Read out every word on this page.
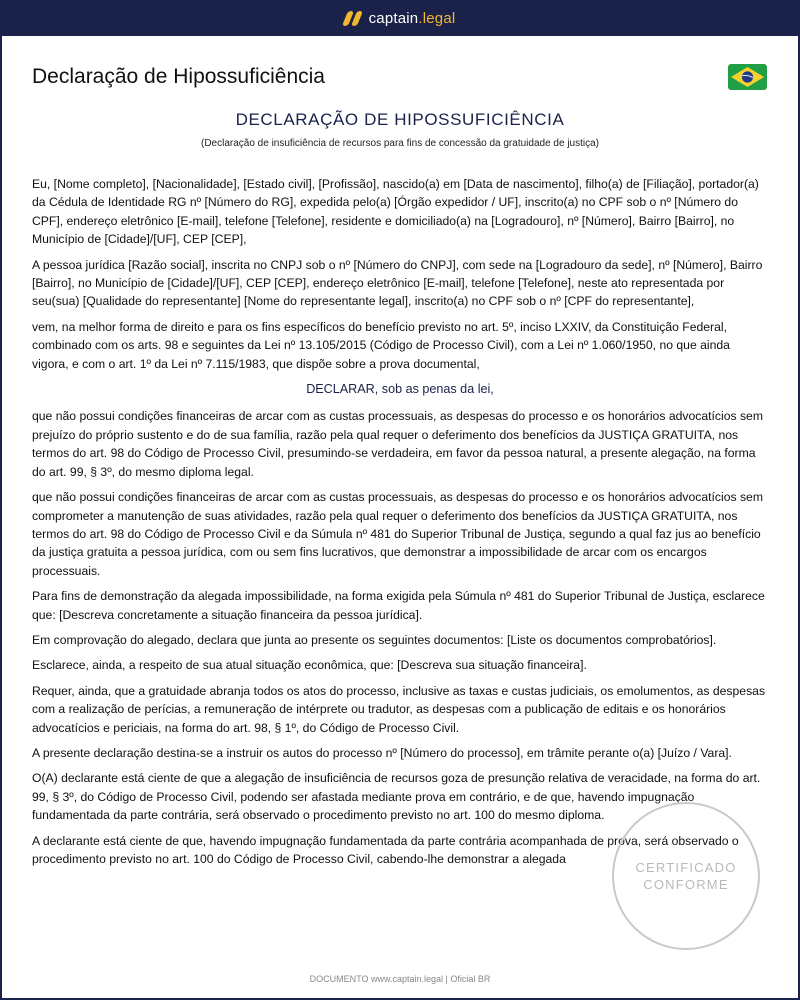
captain .legal
Declaração de Hipossuficiência
DECLARAÇÃO DE HIPOSSUFICIÊNCIA
(Declaração de insuficiência de recursos para fins de concessão da gratuidade de justiça)

Eu, [Nome completo], [Nacionalidade], [Estado civil], [Profissão], nascido(a) em [Data de nascimento], filho(a) de [Filiação], portador(a) da Cédula de Identidade RG nº [Número do RG], expedida pelo(a) [Órgão expedidor / UF], inscrito(a) no CPF sob o nº [Número do CPF], endereço eletrônico [E-mail], telefone [Telefone], residente e domiciliado(a) na [Logradouro], nº [Número], Bairro [Bairro], no Município de [Cidade]/[UF], CEP [CEP],

A pessoa jurídica [Razão social], inscrita no CNPJ sob o nº [Número do CNPJ], com sede na [Logradouro da sede], nº [Número], Bairro [Bairro], no Município de [Cidade]/[UF], CEP [CEP], endereço eletrônico [E-mail], telefone [Telefone], neste ato representada por seu(sua) [Qualidade do representante] [Nome do representante legal], inscrito(a) no CPF sob o nº [CPF do representante],

vem, na melhor forma de direito e para os fins específicos do benefício previsto no art. 5º, inciso LXXIV, da Constituição Federal, combinado com os arts. 98 e seguintes da Lei nº 13.105/2015 (Código de Processo Civil), com a Lei nº 1.060/1950, no que ainda vigora, e com o art. 1º da Lei nº 7.115/1983, que dispõe sobre a prova documental,

DECLARAR, sob as penas da lei,

que não possui condições financeiras de arcar com as custas processuais, as despesas do processo e os honorários advocatícios sem prejuízo do próprio sustento e do de sua família, razão pela qual requer o deferimento dos benefícios da JUSTIÇA GRATUITA, nos termos do art. 98 do Código de Processo Civil, presumindo-se verdadeira, em favor da pessoa natural, a presente alegação, na forma do art. 99, § 3º, do mesmo diploma legal.

que não possui condições financeiras de arcar com as custas processuais, as despesas do processo e os honorários advocatícios sem comprometer a manutenção de suas atividades, razão pela qual requer o deferimento dos benefícios da JUSTIÇA GRATUITA, nos termos do art. 98 do Código de Processo Civil e da Súmula nº 481 do Superior Tribunal de Justiça, segundo a qual faz jus ao benefício da justiça gratuita a pessoa jurídica, com ou sem fins lucrativos, que demonstrar a impossibilidade de arcar com os encargos processuais.

Para fins de demonstração da alegada impossibilidade, na forma exigida pela Súmula nº 481 do Superior Tribunal de Justiça, esclarece que: [Descreva concretamente a situação financeira da pessoa jurídica].

Em comprovação do alegado, declara que junta ao presente os seguintes documentos: [Liste os documentos comprobatórios].

Esclarece, ainda, a respeito de sua atual situação econômica, que: [Descreva sua situação financeira].

Requer, ainda, que a gratuidade abranja todos os atos do processo, inclusive as taxas e custas judiciais, os emolumentos, as despesas com a realização de perícias, a remuneração de intérprete ou tradutor, as despesas com a publicação de editais e os honorários advocatícios e periciais, na forma do art. 98, § 1º, do Código de Processo Civil.

A presente declaração destina-se a instruir os autos do processo nº [Número do processo], em trâmite perante o(a) [Juízo / Vara].

O(A) declarante está ciente de que a alegação de insuficiência de recursos goza de presunção relativa de veracidade, na forma do art. 99, § 3º, do Código de Processo Civil, podendo ser afastada mediante prova em contrário, e de que, havendo impugnação fundamentada da parte contrária, será observado o procedimento previsto no art. 100 do mesmo diploma.

A declarante está ciente de que, havendo impugnação fundamentada da parte contrária acompanhada de prova, será observado o procedimento previsto no art. 100 do Código de Processo Civil, cabendo-lhe demonstrar a alegada

CERTIFICADO
CONFORME
DOCUMENTO www.captain.legal | Oficial BR
